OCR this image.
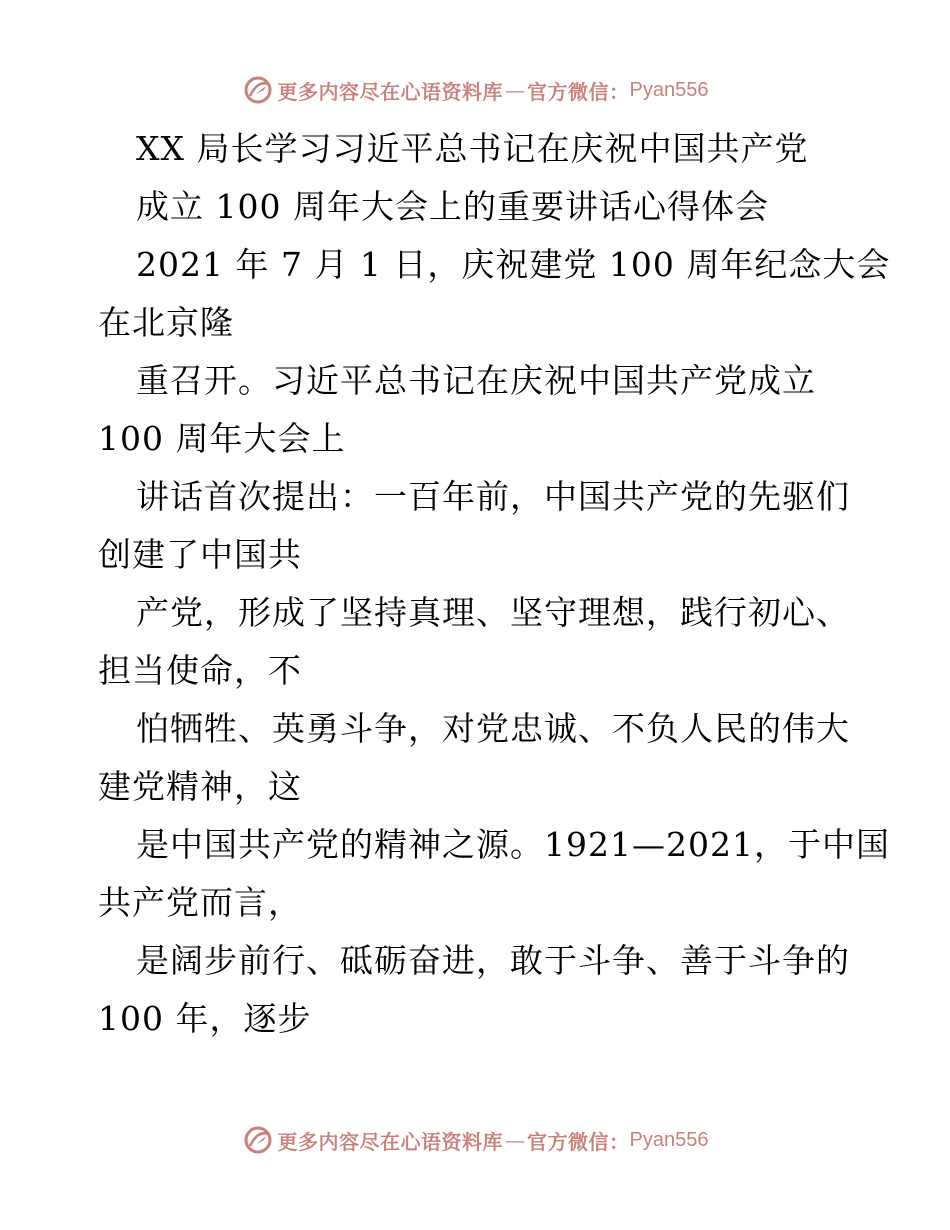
更多内容尽在心语资料库 — 官方微信： Pyan556
XX 局长学习习近平总书记在庆祝中国共产党
成立 100 周年大会上的重要讲话心得体会
2021 年 7 月 1 日，庆祝建党 100 周年纪念大会
在北京隆
重召开。习近平总书记在庆祝中国共产党成立
100 周年大会上
讲话首次提出：一百年前，中国共产党的先驱们
创建了中国共
产党，形成了坚持真理、坚守理想，践行初心、
担当使命，不
怕牺牲、英勇斗争，对党忠诚、不负人民的伟大
建党精神，这
是中国共产党的精神之源。1921—2021，于中国
共产党而言，
是阔步前行、砥砺奋进，敢于斗争、善于斗争的
100 年，逐步
更多内容尽在心语资料库 — 官方微信： Pyan556
